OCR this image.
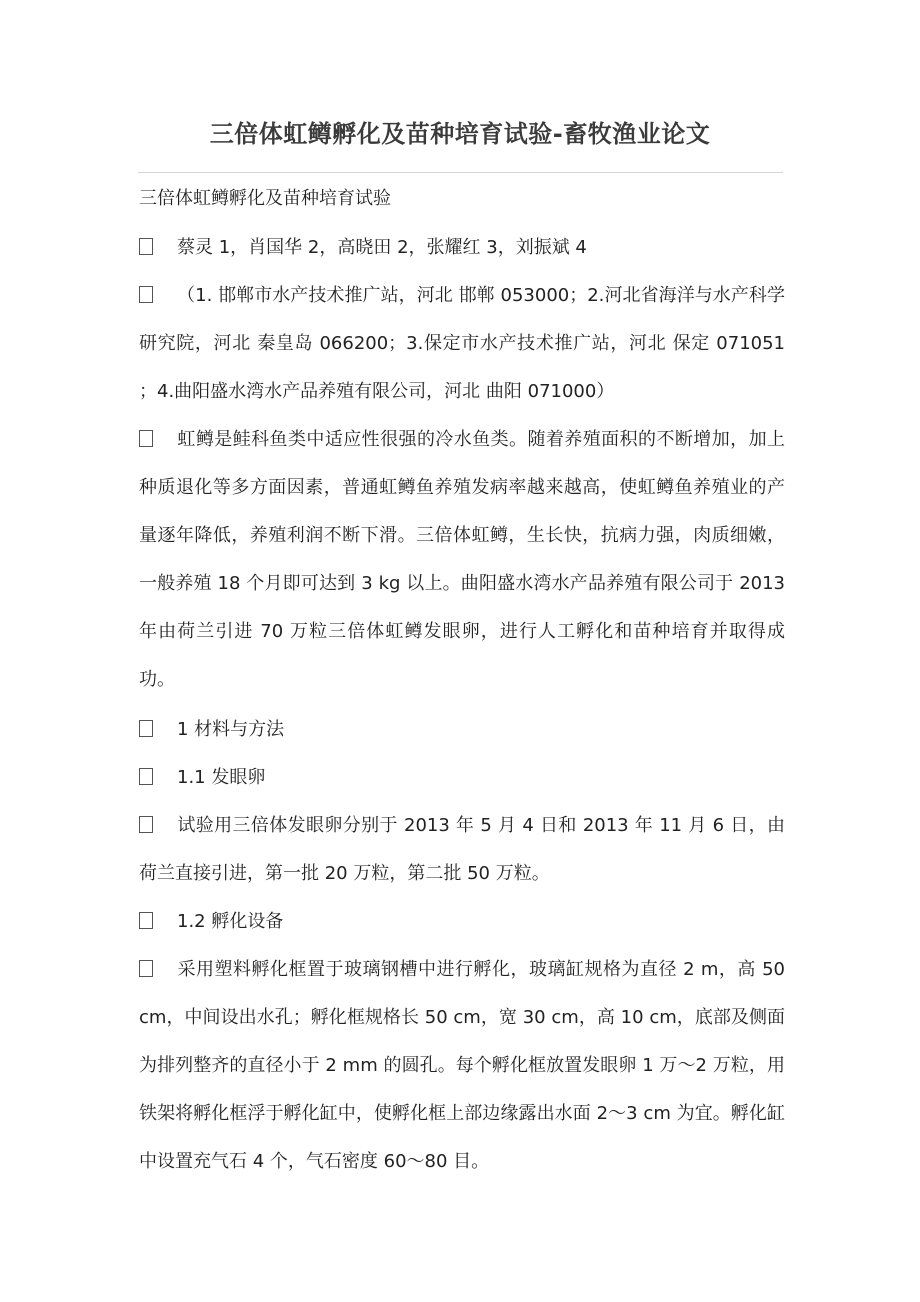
三倍体虹鳟孵化及苗种培育试验-畜牧渔业论文

三倍体虹鳟孵化及苗种培育试验

蔡灵 1，肖国华 2，高晓田 2，张耀红 3，刘振斌 4

（1. 邯郸市水产技术推广站，河北 邯郸 053000；2.河北省海洋与水产科学研究院，河北 秦皇岛 066200；3.保定市水产技术推广站，河北 保定 071051 ；4.曲阳盛水湾水产品养殖有限公司，河北 曲阳 071000）

虹鳟是鲑科鱼类中适应性很强的冷水鱼类。随着养殖面积的不断增加，加上种质退化等多方面因素，普通虹鳟鱼养殖发病率越来越高，使虹鳟鱼养殖业的产量逐年降低，养殖利润不断下滑。三倍体虹鳟，生长快，抗病力强，肉质细嫩，一般养殖 18 个月即可达到 3 kg 以上。曲阳盛水湾水产品养殖有限公司于 2013 年由荷兰引进 70 万粒三倍体虹鳟发眼卵，进行人工孵化和苗种培育并取得成功。

1 材料与方法

1.1 发眼卵

试验用三倍体发眼卵分别于 2013 年 5 月 4 日和 2013 年 11 月 6 日，由荷兰直接引进，第一批 20 万粒，第二批 50 万粒。

1.2 孵化设备

采用塑料孵化框置于玻璃钢槽中进行孵化，玻璃缸规格为直径 2 m，高 50 cm，中间设出水孔；孵化框规格长 50 cm，宽 30 cm，高 10 cm，底部及侧面为排列整齐的直径小于 2 mm 的圆孔。每个孵化框放置发眼卵 1 万～2 万粒，用铁架将孵化框浮于孵化缸中，使孵化框上部边缘露出水面 2～3 cm 为宜。孵化缸中设置充气石 4 个，气石密度 60～80 目。
